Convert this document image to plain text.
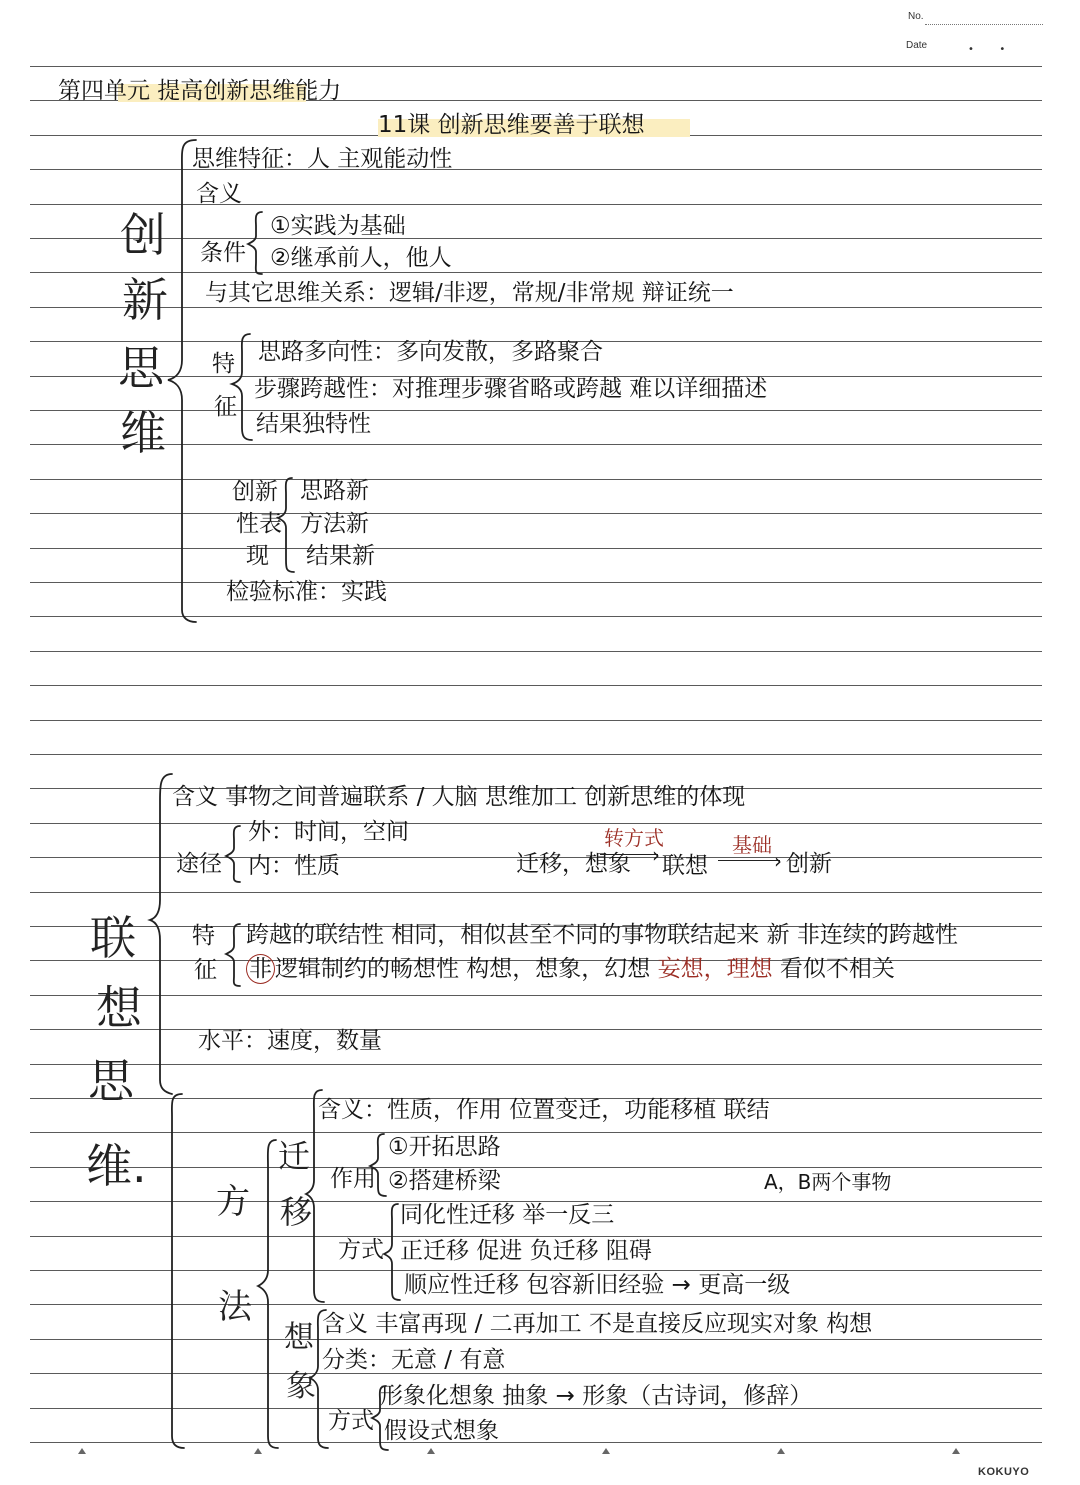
No.
Date	•        •
第四单元 提高创新思维能力
11课 创新思维要善于联想
创
新
思
维
思维特征：人 主观能动性
含义
条件
①实践为基础
②继承前人，他人
与其它思维关系：逻辑/非逻，常规/非常规 辩证统一
特
征
思路多向性：多向发散，多路聚合
步骤跨越性：对推理步骤省略或跨越 难以详细描述
结果独特性
创新
性表
现
思路新
方法新
结果新
检验标准：实践
联
想
思
维.
含义 事物之间普遍联系 / 人脑 思维加工 创新思维的体现
途径
外：时间，空间
内：性质	迁移，想象
转方式
› 联想
基础
› 创新
特
征
跨越的联结性 相同，相似甚至不同的事物联结起来 新 非连续的跨越性
非 逻辑制约的畅想性 构想，想象，幻想 妄想，理想 看似不相关
水平：速度，数量
方
法
迁
移
含义：性质，作用 位置变迁，功能移植 联结
作用
①开拓思路
②搭建桥梁	A，B两个事物
方式
同化性迁移 举一反三
正迁移 促进 负迁移 阻碍
顺应性迁移 包容新旧经验 → 更高一级
想
象
含义 丰富再现 / 二再加工 不是直接反应现实对象 构想
分类：无意 / 有意
方式
形象化想象 抽象 → 形象（古诗词，修辞）
假设式想象
KOKUYO
